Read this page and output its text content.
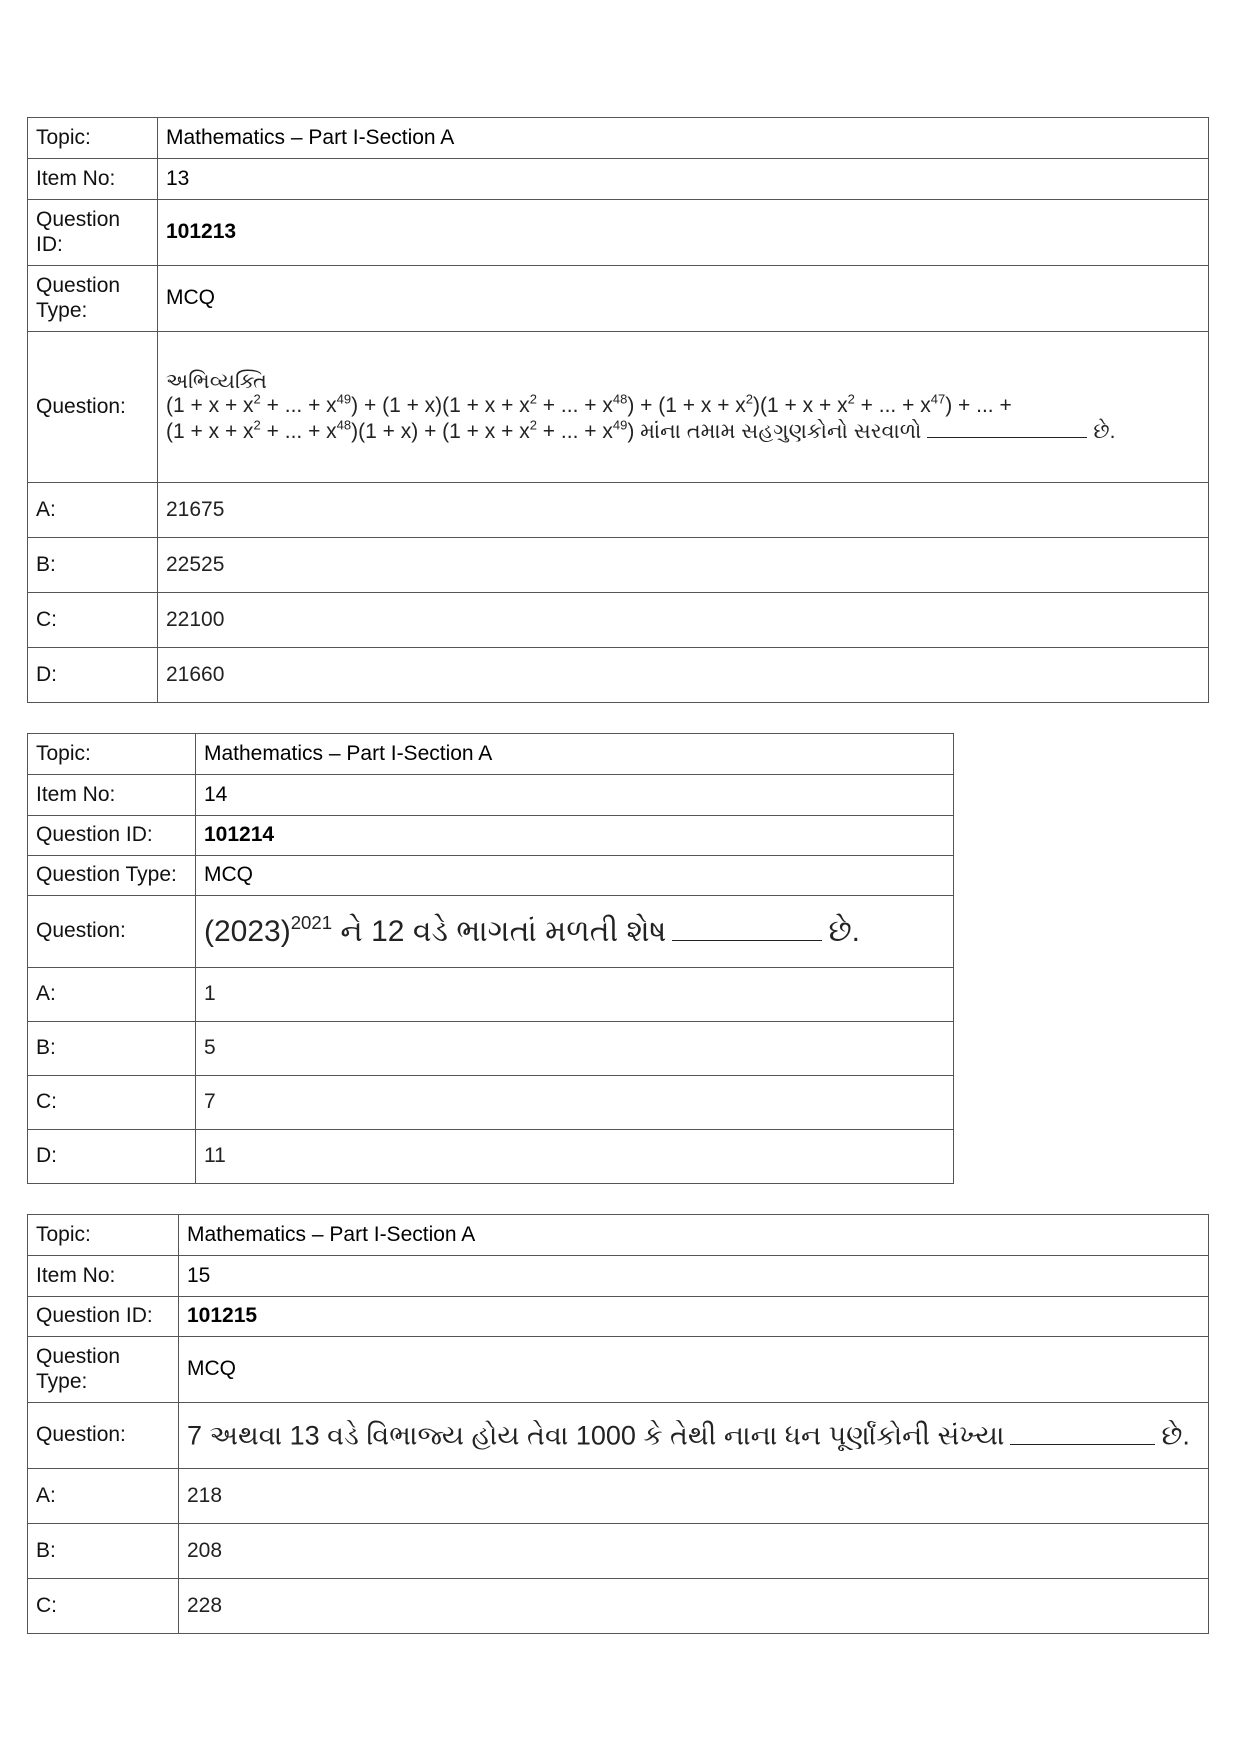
Topic:	Mathematics – Part I-Section A
Item No:	13
Question ID:	101213
Question Type:	MCQ
Question:	અભિવ્યક્તિ
($1 + x + x^2$ + ... + $x^{49}) + (1 + x)(1 + x + x^2$ + ... + $x^{48}) + (1 + x + x^2)(1 + x + x^2$ + ... + $x^{47}$) + ... +
($1 + x + x^2$ + ... + $x^{48})(1 + x) + (1 + x + x^2$ + ... + $x^{49}$) માંના તમામ સહગુણકોનો સરવાળો છે.

A:	21675
B:	22525
C:	22100
D:	21660
Topic:	Mathematics – Part I-Section A
Item No:	14
Question ID:	101214
Question Type:	MCQ
Question:	$(2023)^{2021}$ ને 12 વડે ભાગતાં મળતી શેષ છે.

A:	1
B:	5
C:	7
D:	11
Topic:	Mathematics – Part I-Section A
Item No:	15
Question ID:	101215
Question Type:	MCQ
Question:	7 અથવા 13 વડે વિભાજ્ય હોય તેવા 1000 કે તેથી નાના ધન પૂર્ણાંકોની સંખ્યા છે.

A:	218
B:	208
C:	228
